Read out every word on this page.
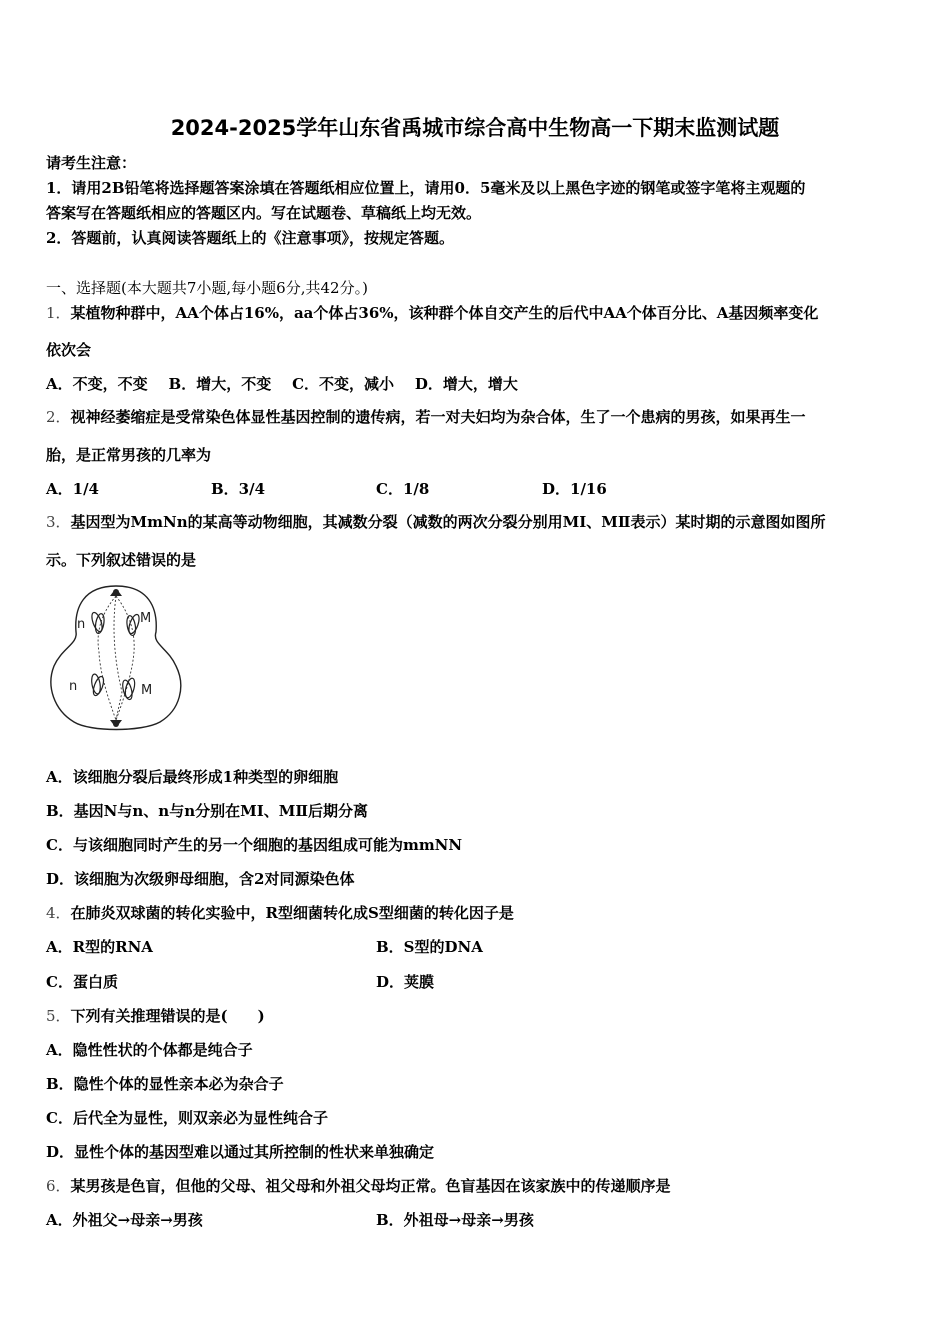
2024-2025学年山东省禹城市综合高中生物高一下期末监测试题
请考生注意：
1．请用2B铅笔将选择题答案涂填在答题纸相应位置上，请用0．5毫米及以上黑色字迹的钢笔或签字笔将主观题的
答案写在答题纸相应的答题区内。写在试题卷、草稿纸上均无效。
2．答题前，认真阅读答题纸上的《注意事项》，按规定答题。
一、选择题(本大题共7小题,每小题6分,共42分。)
1．某植物种群中，AA个体占16%，aa个体占36%，该种群个体自交产生的后代中AA个体百分比、A基因频率变化
依次会
A．不变，不变    B．增大，不变    C．不变，减小    D．增大，增大
2．视神经萎缩症是受常染色体显性基因控制的遗传病，若一对夫妇均为杂合体，生了一个患病的男孩，如果再生一
胎，是正常男孩的几率为
A．1/4	B．3/4	C．1/8	D．1/16
3．基因型为MmNn的某高等动物细胞，其减数分裂（减数的两次分裂分别用MⅠ、MⅡ表示）某时期的示意图如图所
示。下列叙述错误的是
n	M
n	M
A．该细胞分裂后最终形成1种类型的卵细胞
B．基因N与n、n与n分别在MⅠ、MⅡ后期分离
C．与该细胞同时产生的另一个细胞的基因组成可能为mmNN
D．该细胞为次级卵母细胞，含2对同源染色体
4．在肺炎双球菌的转化实验中，R型细菌转化成S型细菌的转化因子是
A．R型的RNA	B．S型的DNA
C．蛋白质	D．荚膜
5．下列有关推理错误的是(　　)
A．隐性性状的个体都是纯合子
B．隐性个体的显性亲本必为杂合子
C．后代全为显性，则双亲必为显性纯合子
D．显性个体的基因型难以通过其所控制的性状来单独确定
6．某男孩是色盲，但他的父母、祖父母和外祖父母均正常。色盲基因在该家族中的传递顺序是
A．外祖父→母亲→男孩	B．外祖母→母亲→男孩
